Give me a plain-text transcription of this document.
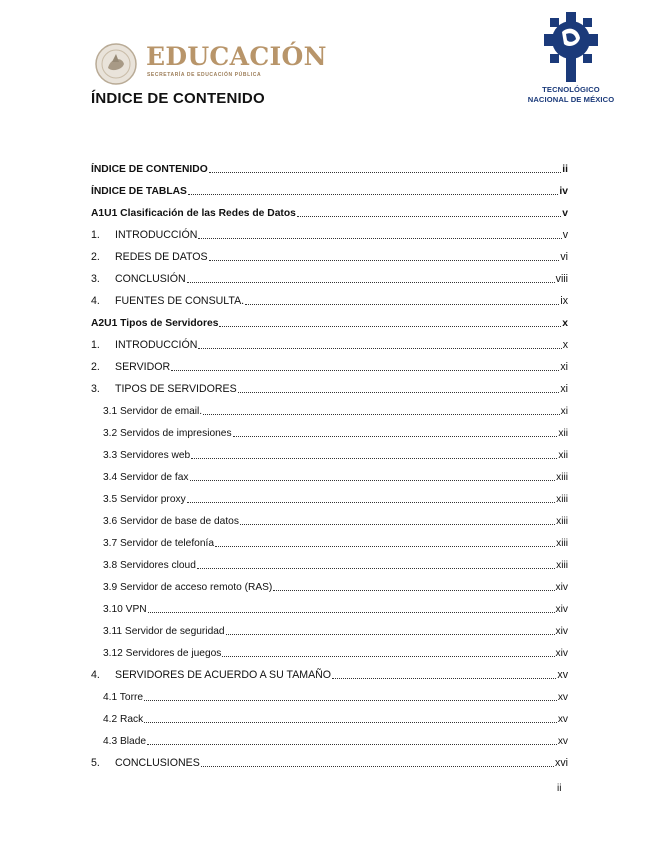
EDUCACIÓN
SECRETARÍA DE EDUCACIÓN PÚBLICA
TECNOLÓGICO
NACIONAL DE MÉXICO
ÍNDICE DE CONTENIDO
ÍNDICE DE CONTENIDO	ii
ÍNDICE DE TABLAS	iv
A1U1 Clasificación de las Redes de Datos	v
1.	INTRODUCCIÓN	v
2.	REDES DE DATOS	vi
3.	CONCLUSIÓN	viii
4.	FUENTES DE CONSULTA.	ix
A2U1 Tipos de Servidores	x
1.	INTRODUCCIÓN	x
2.	SERVIDOR	xi
3.	TIPOS DE SERVIDORES	xi
3.1 Servidor de email.	xi
3.2 Servidos de impresiones	xii
3.3 Servidores web	xii
3.4 Servidor de fax	xiii
3.5 Servidor proxy	xiii
3.6 Servidor de base de datos	xiii
3.7 Servidor de telefonía	xiii
3.8 Servidores cloud	xiii
3.9 Servidor de acceso remoto (RAS)	xiv
3.10 VPN	xiv
3.11 Servidor de seguridad	xiv
3.12 Servidores de juegos	xiv
4.	SERVIDORES DE ACUERDO A SU TAMAÑO	xv
4.1 Torre	xv
4.2 Rack	xv
4.3 Blade	xv
5.	CONCLUSIONES	xvi
ii
